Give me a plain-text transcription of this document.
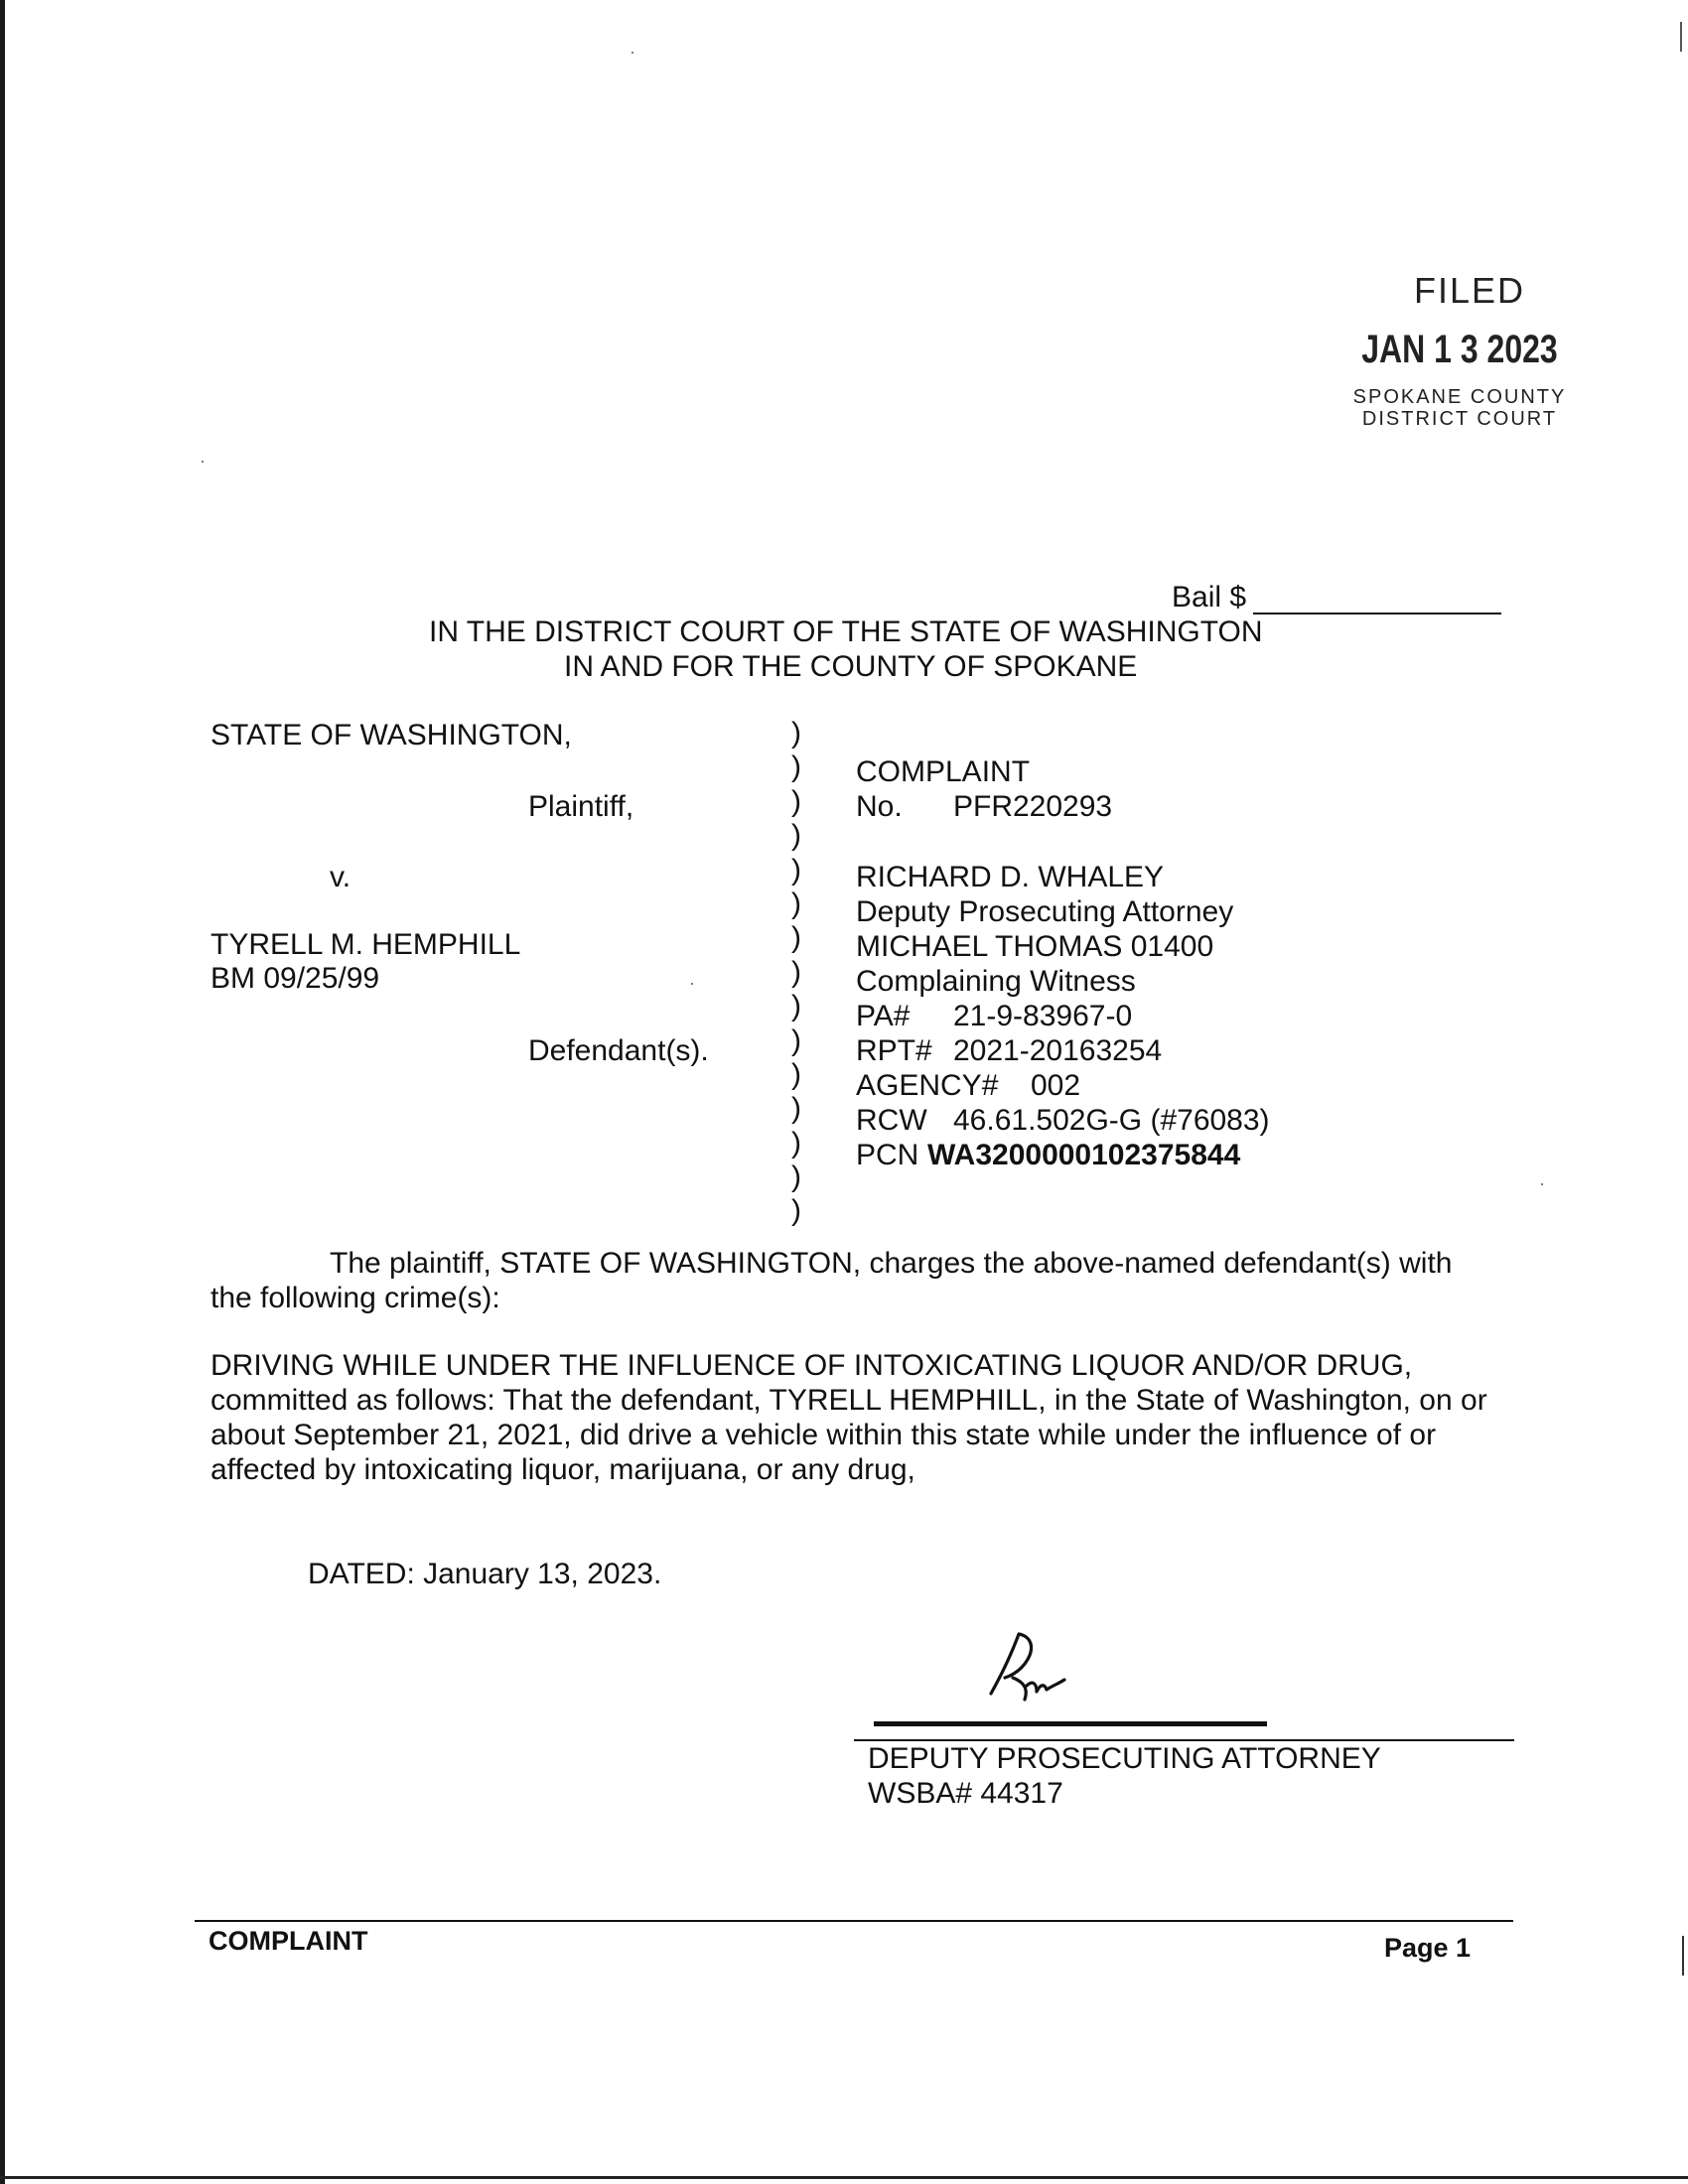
FILED
JAN 1 3 2023
SPOKANE COUNTY
DISTRICT COURT
Bail $
IN THE DISTRICT COURT OF THE STATE OF WASHINGTON
IN AND FOR THE COUNTY OF SPOKANE
STATE OF WASHINGTON,
Plaintiff,
v.
TYRELL M. HEMPHILL
BM 09/25/99
Defendant(s).
)
)
)
)
)
)
)
)
)
)
)
)
)
)
)
COMPLAINT
No. PFR220293
RICHARD D. WHALEY
Deputy Prosecuting Attorney
MICHAEL THOMAS 01400
Complaining Witness
PA# 21-9-83967-0
RPT# 2021-20163254
AGENCY# 002
RCW 46.61.502G-G (#76083)
PCN WA3200000102375844
The plaintiff, STATE OF WASHINGTON, charges the above-named defendant(s) with
the following crime(s):
DRIVING WHILE UNDER THE INFLUENCE OF INTOXICATING LIQUOR AND/OR DRUG,
committed as follows: That the defendant, TYRELL HEMPHILL, in the State of Washington, on or
about September 21, 2021, did drive a vehicle within this state while under the influence of or
affected by intoxicating liquor, marijuana, or any drug,
DATED: January 13, 2023.
DEPUTY PROSECUTING ATTORNEY
WSBA# 44317
COMPLAINT	Page 1
